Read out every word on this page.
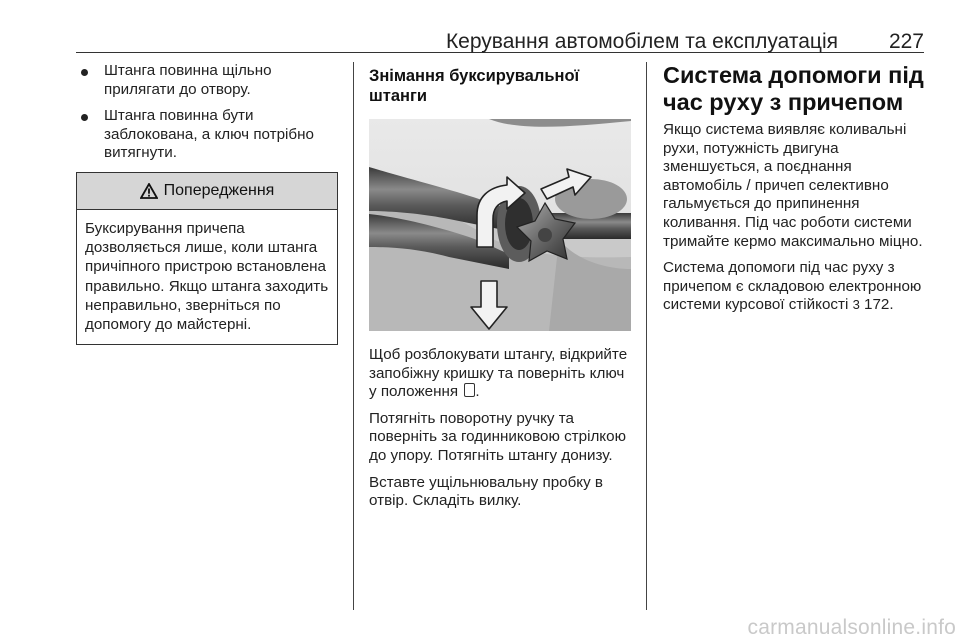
Керування автомобілем та експлуатація 227
Штанга повинна щільно прилягати до отвору.
Штанга повинна бути заблокована, а ключ потрібно витягнути.
Попередження
Буксирування причепа дозволяється лише, коли штанга причіпного пристрою встановлена правильно. Якщо штанга заходить неправильно, зверніться по допомогу до майстерні.
Знімання буксирувальної штанги

Щоб розблокувати штангу, відкрийте запобіжну кришку та поверніть ключ у положення .

Потягніть поворотну ручку та поверніть за годинниковою стрілкою до упору. Потягніть штангу донизу.

Вставте ущільнювальну пробку в отвір. Складіть вилку.

Система допомоги під час руху з причепом

Якщо система виявляє коливальні рухи, потужність двигуна зменшується, а поєднання автомобіль / причеп селективно гальмується до припинення коливання. Під час роботи системи тримайте кермо максимально міцно.

Система допомоги під час руху з причепом є складовою електронною системи курсової стійкості 3 172.

carmanualsonline.info
